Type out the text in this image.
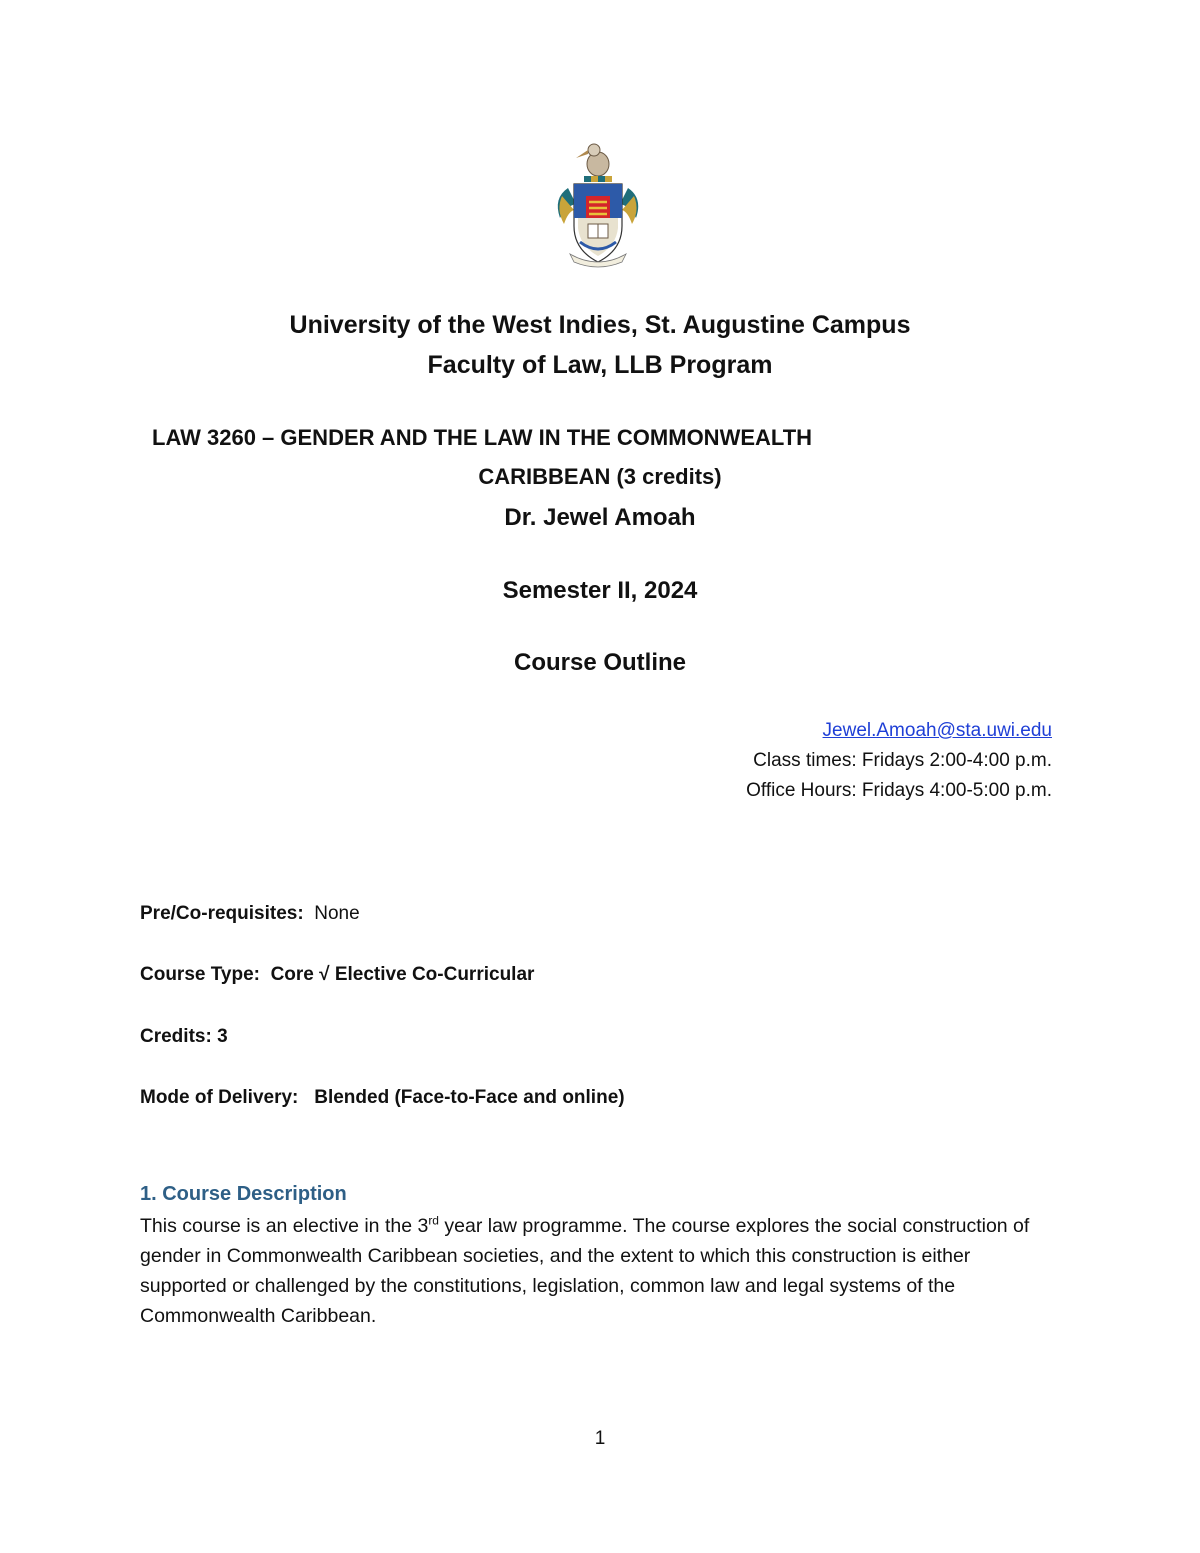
University of the West Indies, St. Augustine Campus
Faculty of Law, LLB Program
LAW 3260 – GENDER AND THE LAW IN THE COMMONWEALTH
CARIBBEAN (3 credits)
Dr. Jewel Amoah
Semester II, 2024
Course Outline
Jewel.Amoah@sta.uwi.edu
Class times: Fridays 2:00-4:00 p.m.
Office Hours: Fridays 4:00-5:00 p.m.
Pre/Co-requisites: None
Course Type: Core √ Elective Co-Curricular
Credits: 3
Mode of Delivery: Blended (Face-to-Face and online)
1. Course Description
This course is an elective in the 3rd year law programme. The course explores the social construction of gender in Commonwealth Caribbean societies, and the extent to which this construction is either supported or challenged by the constitutions, legislation, common law and legal systems of the Commonwealth Caribbean.
1
